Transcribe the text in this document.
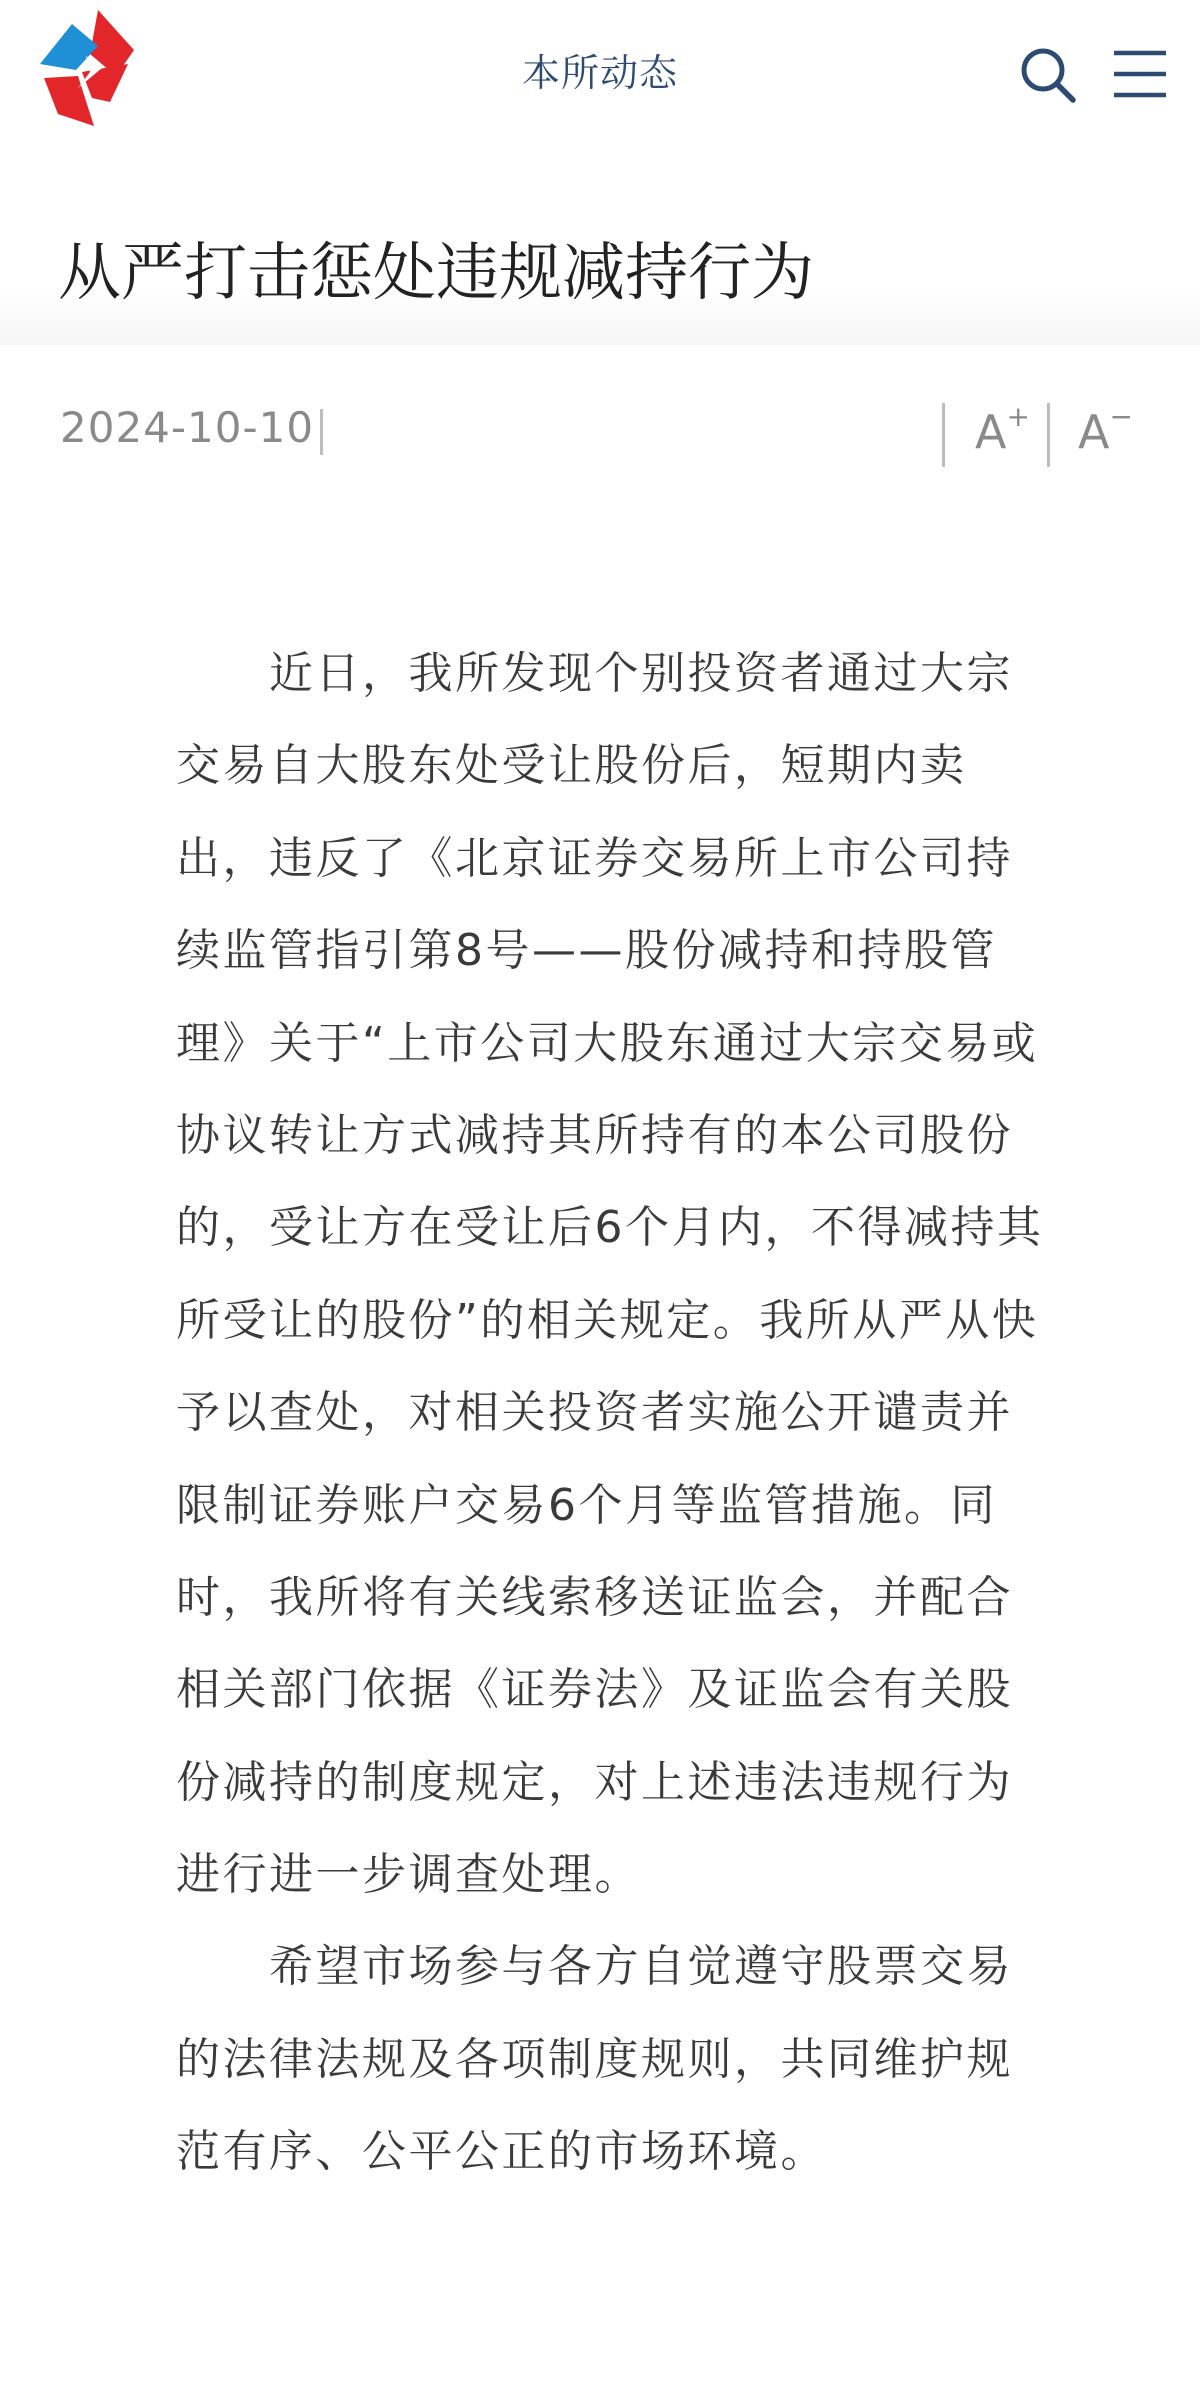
本所动态
从严打击惩处违规减持行为
2024-10-10	A+ A−
　　近日，我所发现个别投资者通过大宗
交易自大股东处受让股份后，短期内卖
出，违反了《北京证券交易所上市公司持
续监管指引第8号——股份减持和持股管
理》关于“上市公司大股东通过大宗交易或
协议转让方式减持其所持有的本公司股份
的，受让方在受让后6个月内，不得减持其
所受让的股份”的相关规定。我所从严从快
予以查处，对相关投资者实施公开谴责并
限制证券账户交易6个月等监管措施。同
时，我所将有关线索移送证监会，并配合
相关部门依据《证券法》及证监会有关股
份减持的制度规定，对上述违法违规行为
进行进一步调查处理。
　　希望市场参与各方自觉遵守股票交易
的法律法规及各项制度规则，共同维护规
范有序、公平公正的市场环境。
